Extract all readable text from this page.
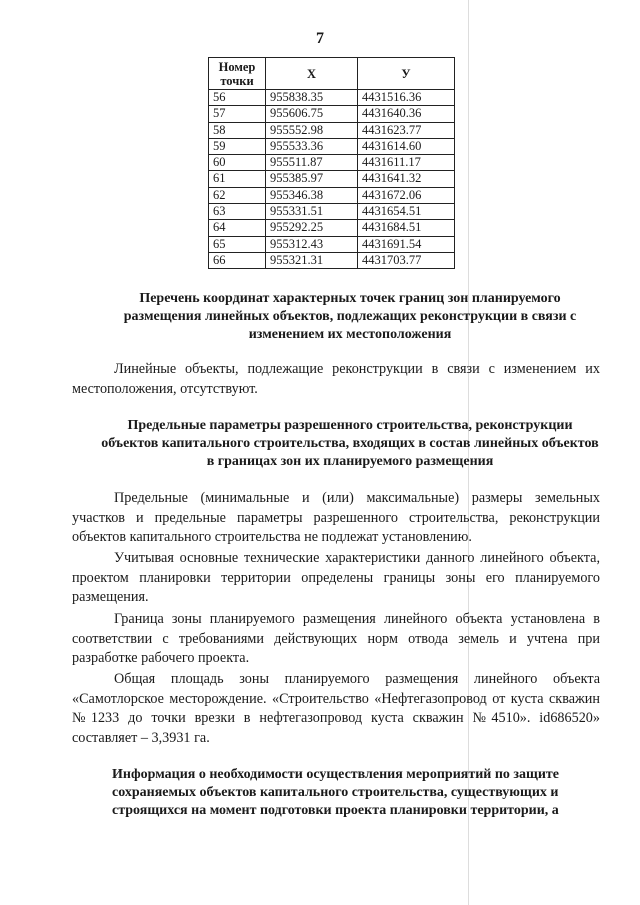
7
Номер точки	Х	У
56	955838.35	4431516.36
57	955606.75	4431640.36
58	955552.98	4431623.77
59	955533.36	4431614.60
60	955511.87	4431611.17
61	955385.97	4431641.32
62	955346.38	4431672.06
63	955331.51	4431654.51
64	955292.25	4431684.51
65	955312.43	4431691.54
66	955321.31	4431703.77
Перечень координат характерных точек границ зон планируемого размещения линейных объектов, подлежащих реконструкции в связи с изменением их местоположения
Линейные объекты, подлежащие реконструкции в связи с изменением их местоположения, отсутствуют.
Предельные параметры разрешенного строительства, реконструкции объектов капитального строительства, входящих в состав линейных объектов в границах зон их планируемого размещения
Предельные (минимальные и (или) максимальные) размеры земельных участков и предельные параметры разрешенного строительства, реконструкции объектов капитального строительства не подлежат установлению.
Учитывая основные технические характеристики данного линейного объекта, проектом планировки территории определены границы зоны его планируемого размещения.
Граница зоны планируемого размещения линейного объекта установлена в соответствии с требованиями действующих норм отвода земель и учтена при разработке рабочего проекта.
Общая площадь зоны планируемого размещения линейного объекта «Самотлорское месторождение. «Строительство «Нефтегазопровод от куста скважин №1233 до точки врезки в нефтегазопровод куста скважин №4510». id686520» составляет – 3,3931 га.
Информация о необходимости осуществления мероприятий по защите сохраняемых объектов капитального строительства, существующих и строящихся на момент подготовки проекта планировки территории, а
